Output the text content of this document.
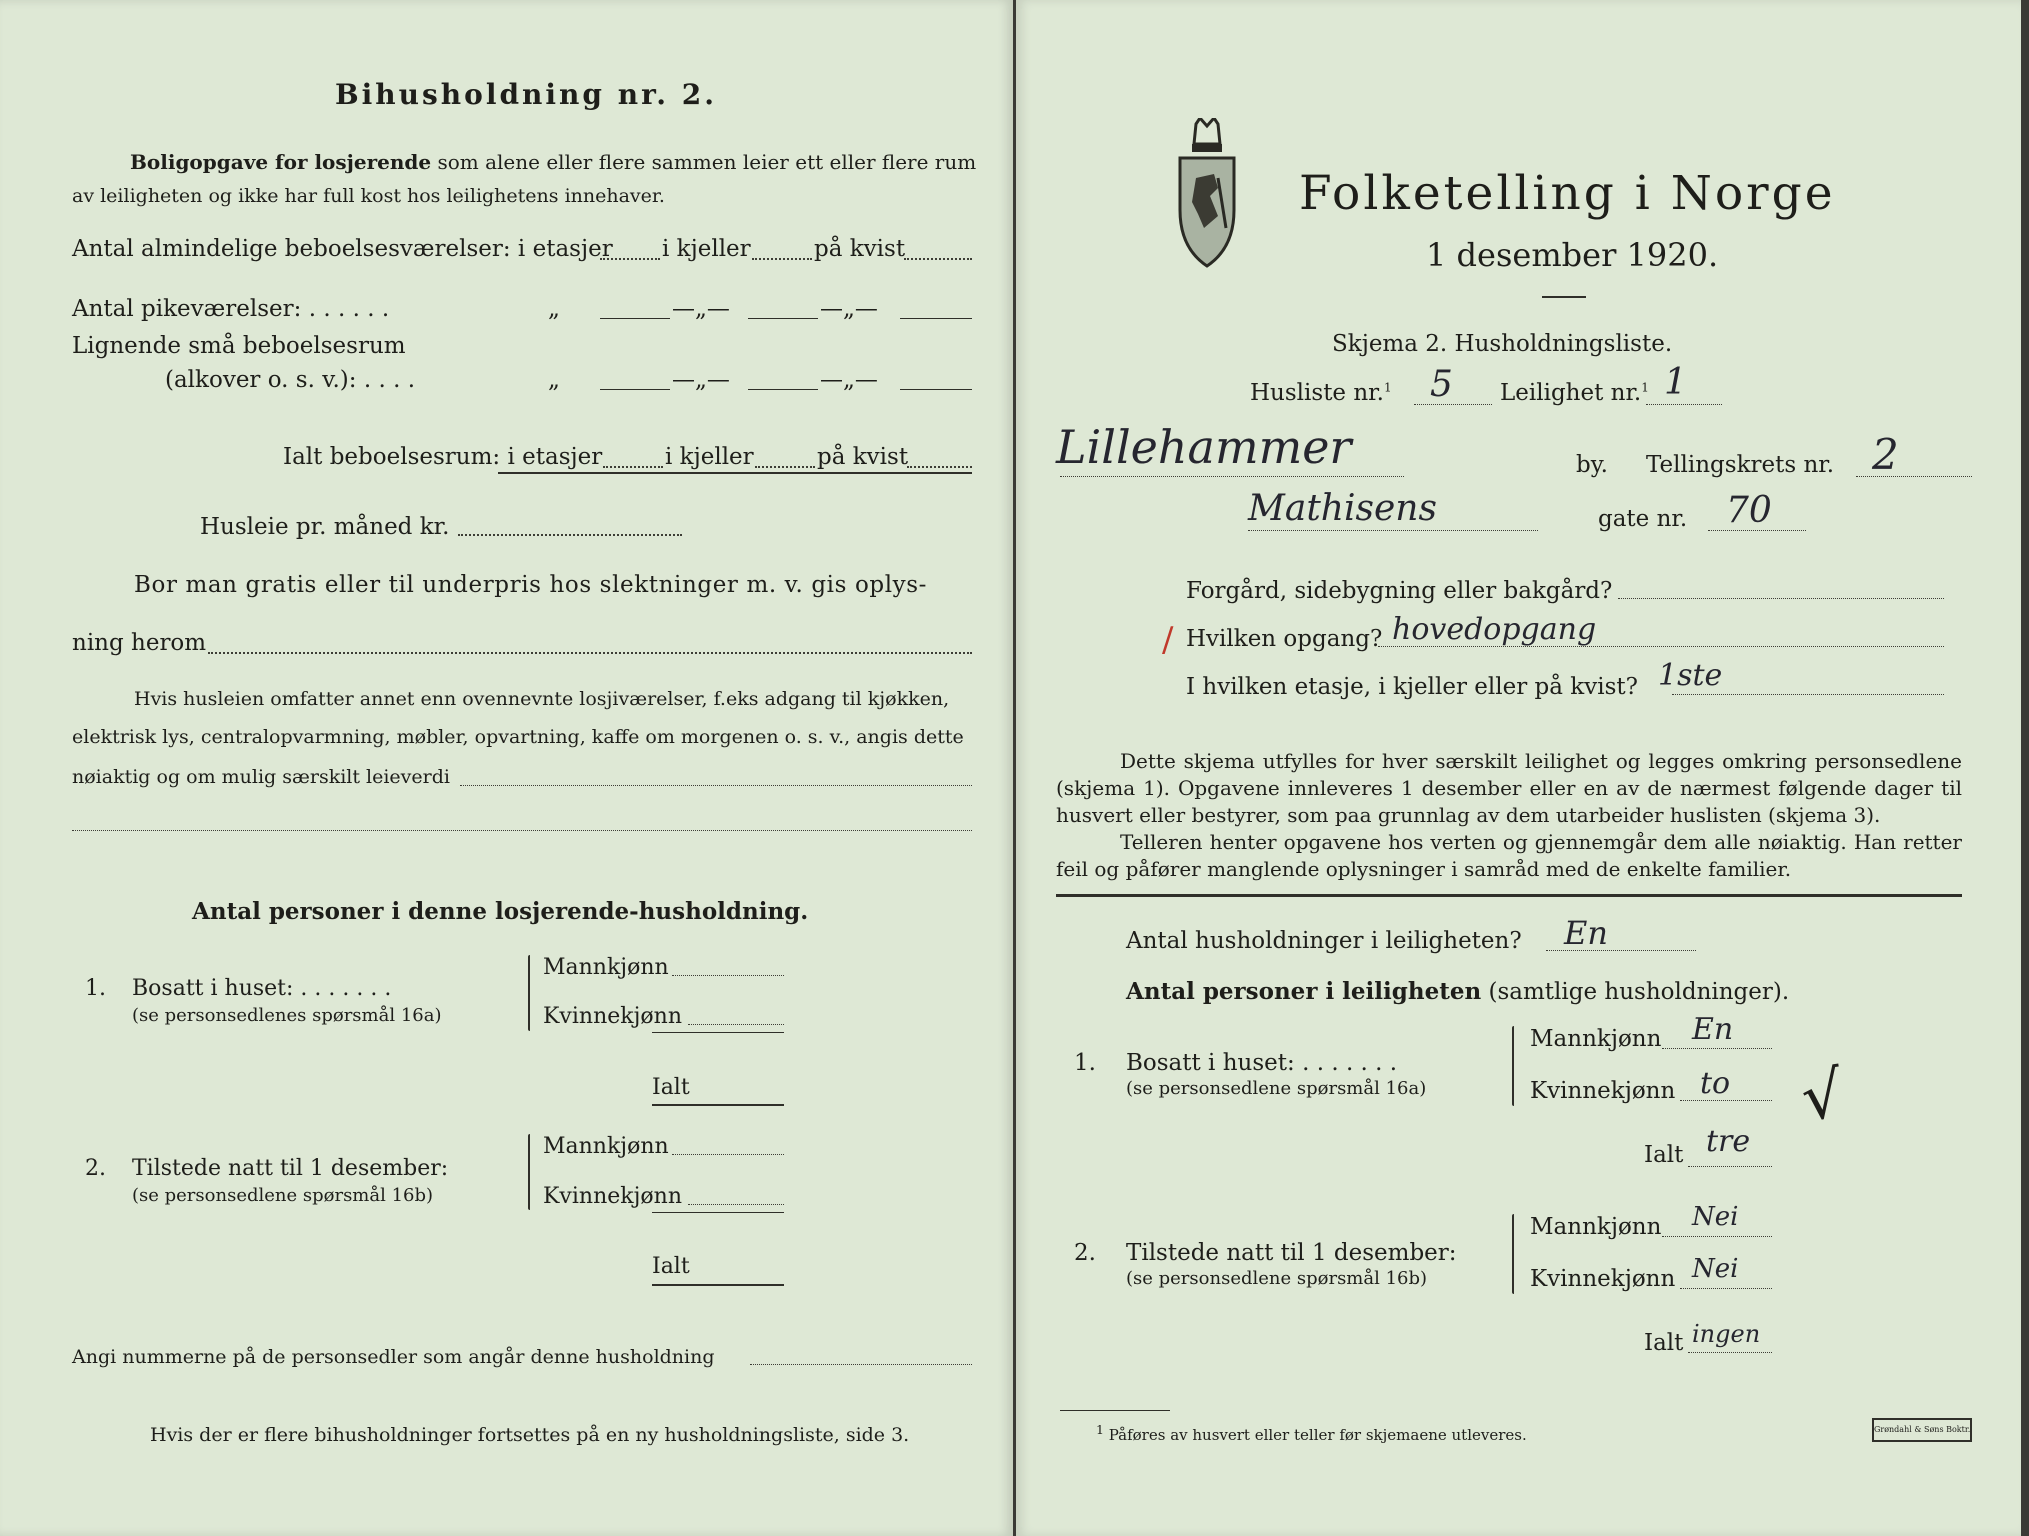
Bihusholdning nr. 2.
Boligopgave for losjerende som alene eller flere sammen leier ett eller flere rum
av leiligheten og ikke har full kost hos leilighetens innehaver.
Antal almindelige beboelsesværelser: i etasjer i kjeller	på kvist
Antal pikeværelser: . . . . . .	„	—„—	—„—
Lignende små beboelsesrum
(alkover o. s. v.): . . . .	„	—„—	—„—
Ialt beboelsesrum: i etasjer	i kjeller	på kvist
Husleie pr. måned kr.
Bor man gratis eller til underpris hos slektninger m. v. gis oplys-
ning herom
Hvis husleien omfatter annet enn ovennevnte losjiværelser, f.eks adgang til kjøkken,
elektrisk lys, centralopvarmning, møbler, opvartning, kaffe om morgenen o. s. v., angis dette
nøiaktig og om mulig særskilt leieverdi
Antal personer i denne losjerende-husholdning.
1. Bosatt i huset: . . . . . . .
(se personsedlenes spørsmål 16a)
Mannkjønn
Kvinnekjønn
Ialt
2. Tilstede natt til 1 desember:
(se personsedlene spørsmål 16b)
Mannkjønn
Kvinnekjønn
Ialt
Angi nummerne på de personsedler som angår denne husholdning
Hvis der er flere bihusholdninger fortsettes på en ny husholdningsliste, side 3.
Folketelling i Norge
1 desember 1920.
Skjema 2. Husholdningsliste.
Husliste nr.$^1$ 5 Leilighet nr.$^1$ 1
Lillehammer	by. Tellingskrets nr. 2
Mathisens	gate nr. 70
Forgård, sidebygning eller bakgård?
/ Hvilken opgang? hovedopgang
I hvilken etasje, i kjeller eller på kvist? 1ste
Dette skjema utfylles for hver særskilt leilighet og legges omkring personsedlene (skjema 1). Opgavene innleveres 1 desember eller en av de nærmest følgende dager til husvert eller bestyrer, som paa grunnlag av dem utarbeider huslisten (skjema 3).
Telleren henter opgavene hos verten og gjennemgår dem alle nøiaktig. Han retter feil og påfører manglende oplysninger i samråd med de enkelte familier.
Antal husholdninger i leiligheten? En
Antal personer i leiligheten (samtlige husholdninger).
1. Bosatt i huset: . . . . . . .
(se personsedlene spørsmål 16a)
Mannkjønn En
Kvinnekjønn to
Ialt tre
√
2. Tilstede natt til 1 desember:
(se personsedlene spørsmål 16b)
Mannkjønn Nei
Kvinnekjønn Nei
Ialt ingen
$^1$ Påføres av husvert eller teller før skjemaene utleveres.	Grøndahl & Søns Boktr.
